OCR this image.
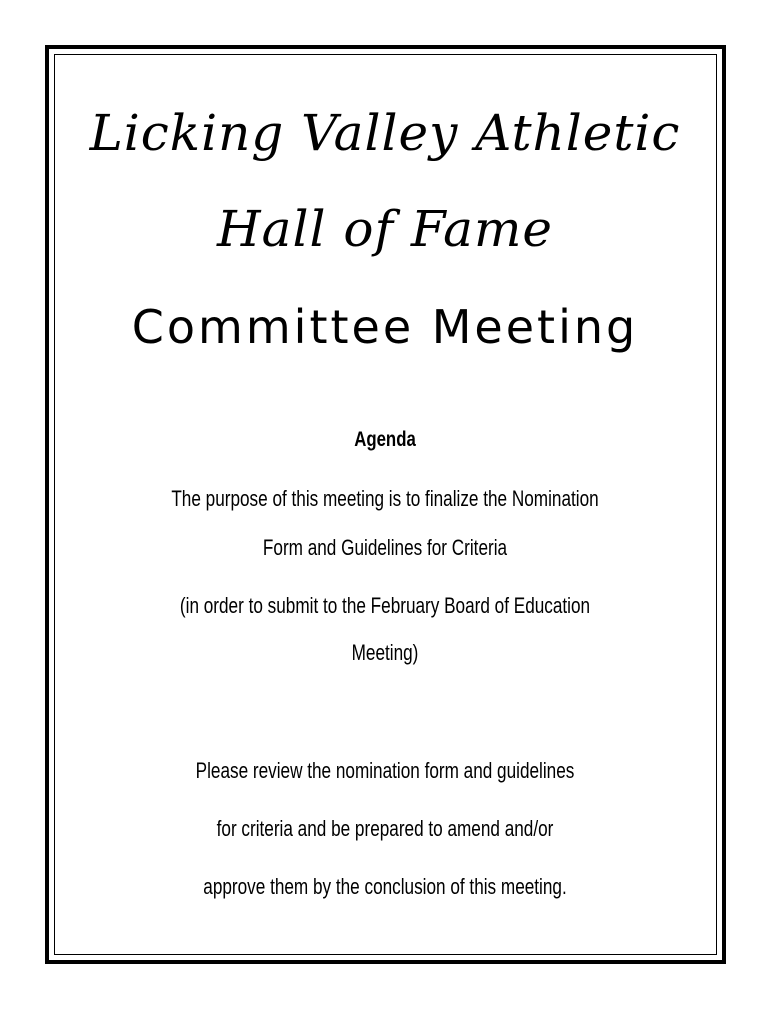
Licking Valley Athletic
Hall of Fame
Committee Meeting
Agenda
The purpose of this meeting is to finalize the Nomination
Form and Guidelines for Criteria
(in order to submit to the February Board of Education
Meeting)
Please review the nomination form and guidelines
for criteria and be prepared to amend and/or
approve them by the conclusion of this meeting.
